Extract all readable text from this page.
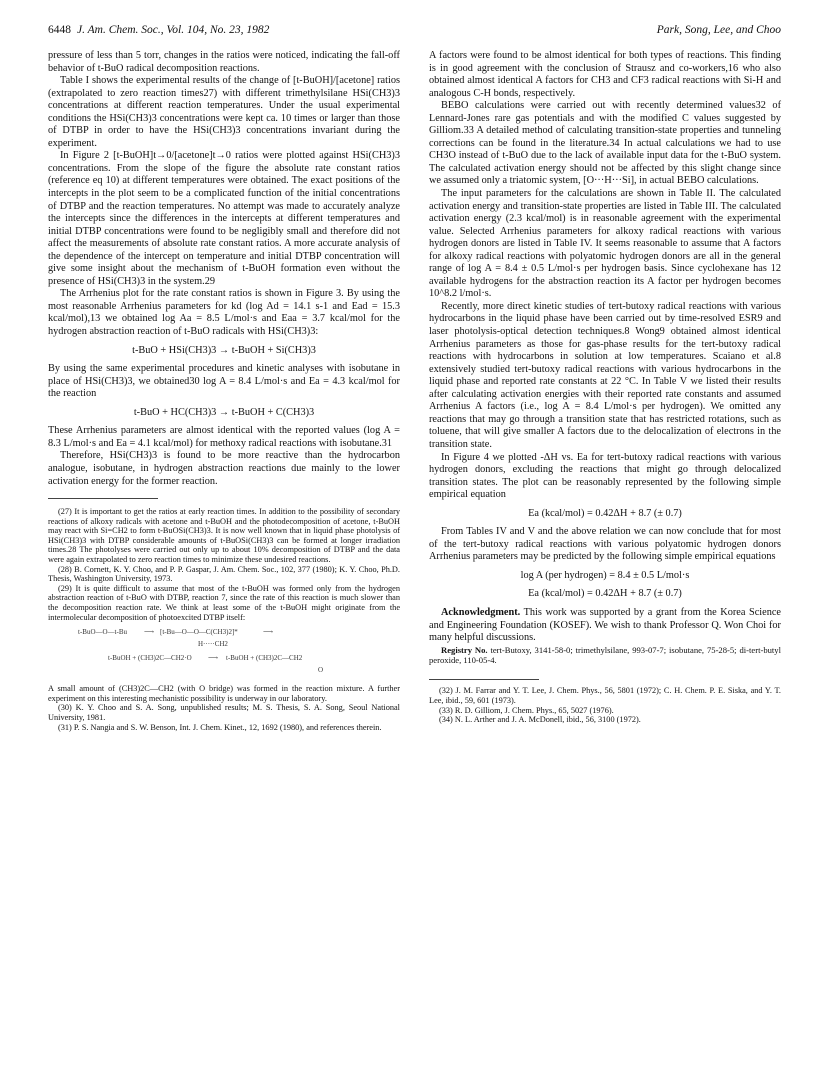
6448 J. Am. Chem. Soc., Vol. 104, No. 23, 1982	Park, Song, Lee, and Choo

pressure of less than 5 torr, changes in the ratios were noticed, indicating the fall-off behavior of t-BuO radical decomposition reactions.

Table I shows the experimental results of the change of [t-BuOH]/[acetone] ratios (extrapolated to zero reaction times27) with different trimethylsilane HSi(CH3)3 concentrations at different reaction temperatures. Under the usual experimental conditions the HSi(CH3)3 concentrations were kept ca. 10 times or larger than those of DTBP in order to have the HSi(CH3)3 concentrations invariant during the experiment.

In Figure 2 [t-BuOH]t→0/[acetone]t→0 ratios were plotted against HSi(CH3)3 concentrations. From the slope of the figure the absolute rate constant ratios (reference eq 10) at different temperatures were obtained. The exact positions of the intercepts in the plot seem to be a complicated function of the initial concentrations of DTBP and the reaction temperatures. No attempt was made to accurately analyze the intercepts since the differences in the intercepts at different temperatures and initial DTBP concentrations were found to be negligibly small and therefore did not affect the measurements of absolute rate constant ratios. A more accurate analysis of the dependence of the intercept on temperature and initial DTBP concentration will give some insight about the mechanism of t-BuOH formation even without the presence of HSi(CH3)3 in the system.29

The Arrhenius plot for the rate constant ratios is shown in Figure 3. By using the most reasonable Arrhenius parameters for kd (log Ad = 14.1 s-1 and Ead = 15.3 kcal/mol),13 we obtained log Aa = 8.5 L/mol·s and Eaa = 3.7 kcal/mol for the hydrogen abstraction reaction of t-BuO radicals with HSi(CH3)3:

t-BuO + HSi(CH3)3 → t-BuOH + Si(CH3)3

By using the same experimental procedures and kinetic analyses with isobutane in place of HSi(CH3)3, we obtained30 log A = 8.4 L/mol·s and Ea = 4.3 kcal/mol for the reaction

t-BuO + HC(CH3)3 → t-BuOH + C(CH3)3

These Arrhenius parameters are almost identical with the reported values (log A = 8.3 L/mol·s and Ea = 4.1 kcal/mol) for methoxy radical reactions with isobutane.31

Therefore, HSi(CH3)3 is found to be more reactive than the hydrocarbon analogue, isobutane, in hydrogen abstraction reactions due mainly to the lower activation energy for the former reaction.

(27) It is important to get the ratios at early reaction times. In addition to the possibility of secondary reactions of alkoxy radicals with acetone and t-BuOH and the photodecomposition of acetone, t-BuOH may react with Si=CH2 to form t-BuOSi(CH3)3. It is now well known that in liquid phase photolysis of HSi(CH3)3 with DTBP considerable amounts of t-BuOSi(CH3)3 can be formed at longer irradiation times.28 The photolyses were carried out only up to about 10% decomposition of DTBP and the data were again extrapolated to zero reaction times to minimize these undesired reactions.

(28) B. Cornett, K. Y. Choo, and P. P. Gaspar, J. Am. Chem. Soc., 102, 377 (1980); K. Y. Choo, Ph.D. Thesis, Washington University, 1973.

(29) It is quite difficult to assume that most of the t-BuOH was formed only from the hydrogen abstraction reaction of t-BuO with DTBP, reaction 7, since the rate of this reaction is much slower than the decomposition reaction rate. We think at least some of the t-BuOH might originate from the intermolecular decomposition of photoexcited DTBP itself:

t-BuO—O—t-Bu ⟶ [t-Bu—O—O—C(CH3)2]*	⟶
H·····CH2
t-BuOH + (CH3)2C—CH2·O ⟶ t-BuOH + (CH3)2C—CH2
O

A small amount of (CH3)2C—CH2 (with O bridge) was formed in the reaction mixture. A further experiment on this interesting mechanistic possibility is underway in our laboratory.

(30) K. Y. Choo and S. A. Song, unpublished results; M. S. Thesis, S. A. Song, Seoul National University, 1981.

(31) P. S. Nangia and S. W. Benson, Int. J. Chem. Kinet., 12, 1692 (1980), and references therein.

A factors were found to be almost identical for both types of reactions. This finding is in good agreement with the conclusion of Strausz and co-workers,16 who also obtained almost identical A factors for CH3 and CF3 radical reactions with Si-H and analogous C-H bonds, respectively.

BEBO calculations were carried out with recently determined values32 of Lennard-Jones rare gas potentials and with the modified C values suggested by Gilliom.33 A detailed method of calculating transition-state properties and tunneling corrections can be found in the literature.34 In actual calculations we had to use CH3O instead of t-BuO due to the lack of available input data for the t-BuO system. The calculated activation energy should not be affected by this slight change since we assumed only a triatomic system, [O···H···Si], in actual BEBO calculations.

The input parameters for the calculations are shown in Table II. The calculated activation energy and transition-state properties are listed in Table III. The calculated activation energy (2.3 kcal/mol) is in reasonable agreement with the experimental value. Selected Arrhenius parameters for alkoxy radical reactions with various hydrogen donors are listed in Table IV. It seems reasonable to assume that A factors for alkoxy radical reactions with polyatomic hydrogen donors are all in the general range of log A = 8.4 ± 0.5 L/mol·s per hydrogen basis. Since cyclohexane has 12 available hydrogens for the abstraction reaction its A factor per hydrogen becomes 10^8.2 l/mol·s.

Recently, more direct kinetic studies of tert-butoxy radical reactions with various hydrocarbons in the liquid phase have been carried out by time-resolved ESR9 and laser photolysis-optical detection techniques.8 Wong9 obtained almost identical Arrhenius parameters as those for gas-phase results for the tert-butoxy radical reactions with hydrocarbons in solution at low temperatures. Scaiano et al.8 extensively studied tert-butoxy radical reactions with various hydrocarbons in the liquid phase and reported rate constants at 22 °C. In Table V we listed their results after calculating activation energies with their reported rate constants and assumed Arrhenius A factors (i.e., log A = 8.4 L/mol·s per hydrogen). We omitted any reactions that may go through a transition state that has restricted rotations, such as toluene, that will give smaller A factors due to the delocalization of electrons in the transition state.

In Figure 4 we plotted -ΔH vs. Ea for tert-butoxy radical reactions with various hydrogen donors, excluding the reactions that might go through delocalized transition states. The plot can be reasonably represented by the following simple empirical equation

Ea (kcal/mol) = 0.42ΔH + 8.7 (± 0.7)

From Tables IV and V and the above relation we can now conclude that for most of the tert-butoxy radical reactions with various polyatomic hydrogen donors Arrhenius parameters may be predicted by the following simple empirical equations

log A (per hydrogen) = 8.4 ± 0.5 L/mol·s
Ea (kcal/mol) = 0.42ΔH + 8.7 (± 0.7)

Acknowledgment. This work was supported by a grant from the Korea Science and Engineering Foundation (KOSEF). We wish to thank Professor Q. Won Choi for many helpful discussions.

Registry No. tert-Butoxy, 3141-58-0; trimethylsilane, 993-07-7; isobutane, 75-28-5; di-tert-butyl peroxide, 110-05-4.

(32) J. M. Farrar and Y. T. Lee, J. Chem. Phys., 56, 5801 (1972); C. H. Chem. P. E. Siska, and Y. T. Lee, ibid., 59, 601 (1973).

(33) R. D. Gilliom, J. Chem. Phys., 65, 5027 (1976).

(34) N. L. Arther and J. A. McDonell, ibid., 56, 3100 (1972).
